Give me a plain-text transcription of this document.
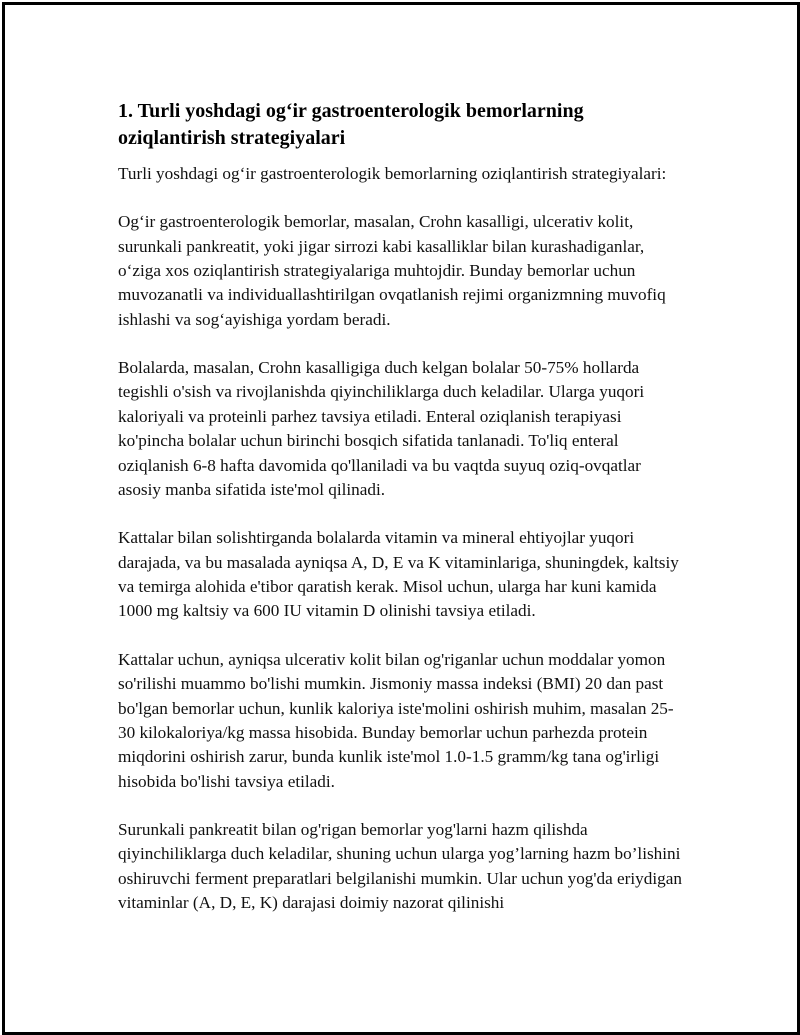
1. Turli yoshdagi og‘ir gastroenterologik bemorlarning oziqlantirish strategiyalari

Turli yoshdagi og‘ir gastroenterologik bemorlarning oziqlantirish strategiyalari:

Og‘ir gastroenterologik bemorlar, masalan, Crohn kasalligi, ulcerativ kolit, surunkali pankreatit, yoki jigar sirrozi kabi kasalliklar bilan kurashadiganlar, o‘ziga xos oziqlantirish strategiyalariga muhtojdir. Bunday bemorlar uchun muvozanatli va individuallashtirilgan ovqatlanish rejimi organizmning muvofiq ishlashi va sog‘ayishiga yordam beradi.

Bolalarda, masalan, Crohn kasalligiga duch kelgan bolalar 50-75% hollarda tegishli o'sish va rivojlanishda qiyinchiliklarga duch keladilar. Ularga yuqori kaloriyali va proteinli parhez tavsiya etiladi. Enteral oziqlanish terapiyasi ko'pincha bolalar uchun birinchi bosqich sifatida tanlanadi. To'liq enteral oziqlanish 6-8 hafta davomida qo'llaniladi va bu vaqtda suyuq oziq-ovqatlar asosiy manba sifatida iste'mol qilinadi.

Kattalar bilan solishtirganda bolalarda vitamin va mineral ehtiyojlar yuqori darajada, va bu masalada ayniqsa A, D, E va K vitaminlariga, shuningdek, kaltsiy va temirga alohida e'tibor qaratish kerak. Misol uchun, ularga har kuni kamida 1000 mg kaltsiy va 600 IU vitamin D olinishi tavsiya etiladi.

Kattalar uchun, ayniqsa ulcerativ kolit bilan og'riganlar uchun moddalar yomon so'rilishi muammo bo'lishi mumkin. Jismoniy massa indeksi (BMI) 20 dan past bo'lgan bemorlar uchun, kunlik kaloriya iste'molini oshirish muhim, masalan 25-30 kilokaloriya/kg massa hisobida. Bunday bemorlar uchun parhezda protein miqdorini oshirish zarur, bunda kunlik iste'mol 1.0-1.5 gramm/kg tana og'irligi hisobida bo'lishi tavsiya etiladi.

Surunkali pankreatit bilan og'rigan bemorlar yog'larni hazm qilishda qiyinchiliklarga duch keladilar, shuning uchun ularga yog’larning hazm bo’lishini oshiruvchi ferment preparatlari belgilanishi mumkin. Ular uchun yog'da eriydigan vitaminlar (A, D, E, K) darajasi doimiy nazorat qilinishi
